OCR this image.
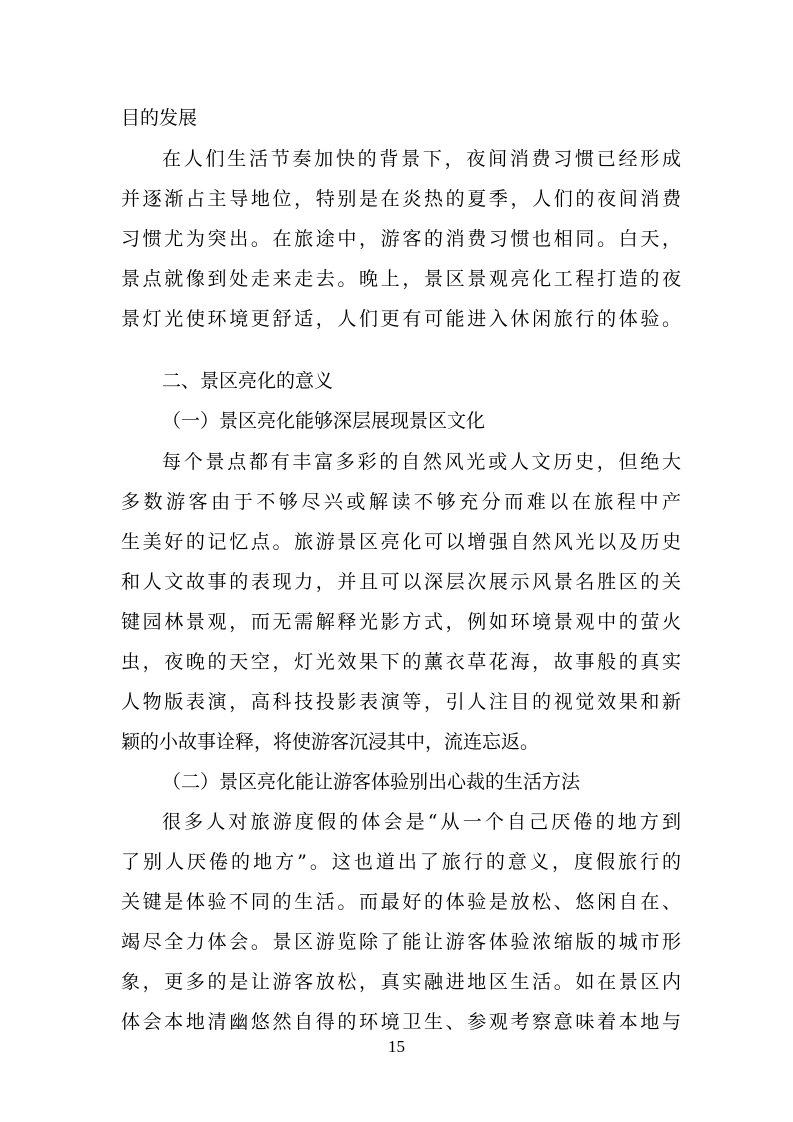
目的发展
在人们生活节奏加快的背景下，夜间消费习惯已经形成
并逐渐占主导地位，特别是在炎热的夏季，人们的夜间消费
习惯尤为突出。在旅途中，游客的消费习惯也相同。白天，
景点就像到处走来走去。晚上，景区景观亮化工程打造的夜
景灯光使环境更舒适，人们更有可能进入休闲旅行的体验。
二、景区亮化的意义
（一）景区亮化能够深层展现景区文化
每个景点都有丰富多彩的自然风光或人文历史，但绝大
多数游客由于不够尽兴或解读不够充分而难以在旅程中产
生美好的记忆点。旅游景区亮化可以增强自然风光以及历史
和人文故事的表现力，并且可以深层次展示风景名胜区的关
键园林景观，而无需解释光影方式，例如环境景观中的萤火
虫，夜晚的天空，灯光效果下的薰衣草花海，故事般的真实
人物版表演，高科技投影表演等，引人注目的视觉效果和新
颖的小故事诠释，将使游客沉浸其中，流连忘返。
（二）景区亮化能让游客体验别出心裁的生活方法
很多人对旅游度假的体会是“从一个自己厌倦的地方到
了别人厌倦的地方”。这也道出了旅行的意义，度假旅行的
关键是体验不同的生活。而最好的体验是放松、悠闲自在、
竭尽全力体会。景区游览除了能让游客体验浓缩版的城市形
象，更多的是让游客放松，真实融进地区生活。如在景区内
体会本地清幽悠然自得的环境卫生、参观考察意味着本地与
15
